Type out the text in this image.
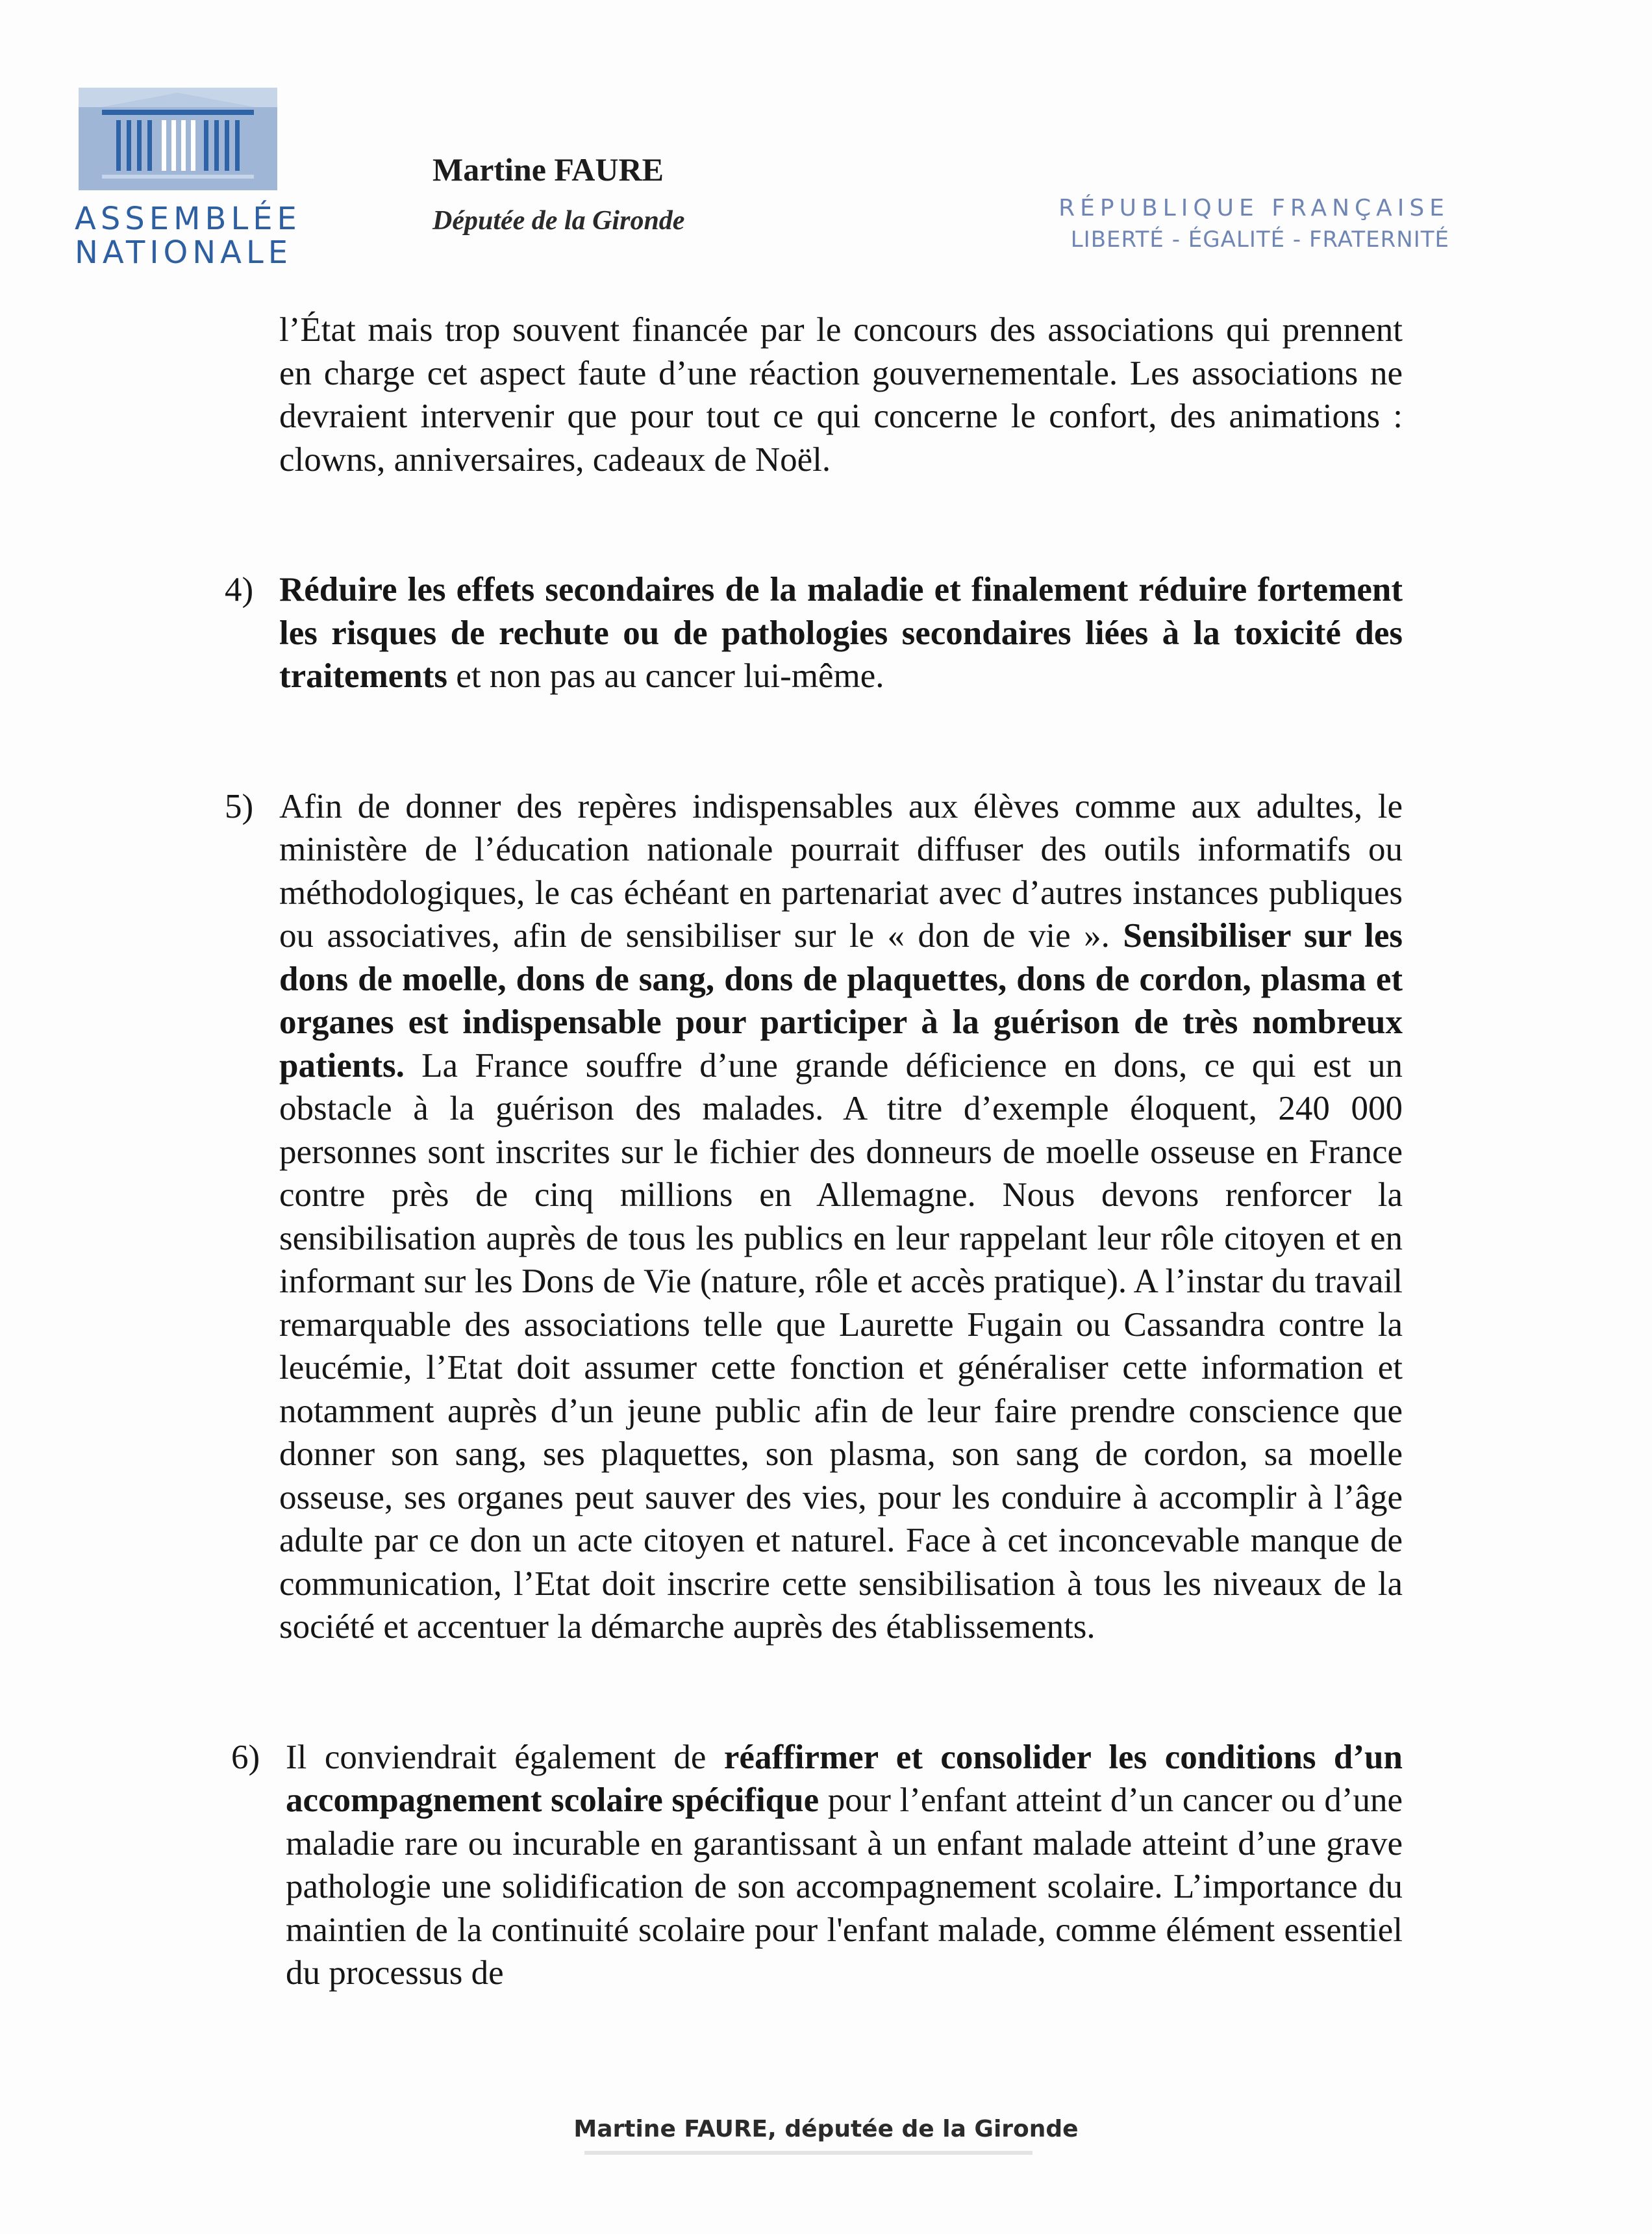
ASSEMBLÉE
NATIONALE
Martine FAURE
Députée de la Gironde	RÉPUBLIQUE FRANÇAISE
LIBERTÉ - ÉGALITÉ - FRATERNITÉ

l’État mais trop souvent financée par le concours des associations qui prennent en charge cet aspect faute d’une réaction gouvernementale. Les associations ne devraient intervenir que pour tout ce qui concerne le confort, des animations : clowns, anniversaires, cadeaux de Noël.

4) Réduire les effets secondaires de la maladie et finalement réduire fortement les risques de rechute ou de pathologies secondaires liées à la toxicité des traitements et non pas au cancer lui-même.

5) Afin de donner des repères indispensables aux élèves comme aux adultes, le ministère de l’éducation nationale pourrait diffuser des outils informatifs ou méthodologiques, le cas échéant en partenariat avec d’autres instances publiques ou associatives, afin de sensibiliser sur le « don de vie ». Sensibiliser sur les dons de moelle, dons de sang, dons de plaquettes, dons de cordon, plasma et organes est indispensable pour participer à la guérison de très nombreux patients. La France souffre d’une grande déficience en dons, ce qui est un obstacle à la guérison des malades. A titre d’exemple éloquent, 240 000 personnes sont inscrites sur le fichier des donneurs de moelle osseuse en France contre près de cinq millions en Allemagne. Nous devons renforcer la sensibilisation auprès de tous les publics en leur rappelant leur rôle citoyen et en informant sur les Dons de Vie (nature, rôle et accès pratique). A l’instar du travail remarquable des associations telle que Laurette Fugain ou Cassandra contre la leucémie, l’Etat doit assumer cette fonction et généraliser cette information et notamment auprès d’un jeune public afin de leur faire prendre conscience que donner son sang, ses plaquettes, son plasma, son sang de cordon, sa moelle osseuse, ses organes peut sauver des vies, pour les conduire à accomplir à l’âge adulte par ce don un acte citoyen et naturel. Face à cet inconcevable manque de communication, l’Etat doit inscrire cette sensibilisation à tous les niveaux de la société et accentuer la démarche auprès des établissements.

6) Il conviendrait également de réaffirmer et consolider les conditions d’un accompagnement scolaire spécifique pour l’enfant atteint d’un cancer ou d’une maladie rare ou incurable en garantissant à un enfant malade atteint d’une grave pathologie une solidification de son accompagnement scolaire. L’importance du maintien de la continuité scolaire pour l'enfant malade, comme élément essentiel du processus de

Martine FAURE, députée de la Gironde
